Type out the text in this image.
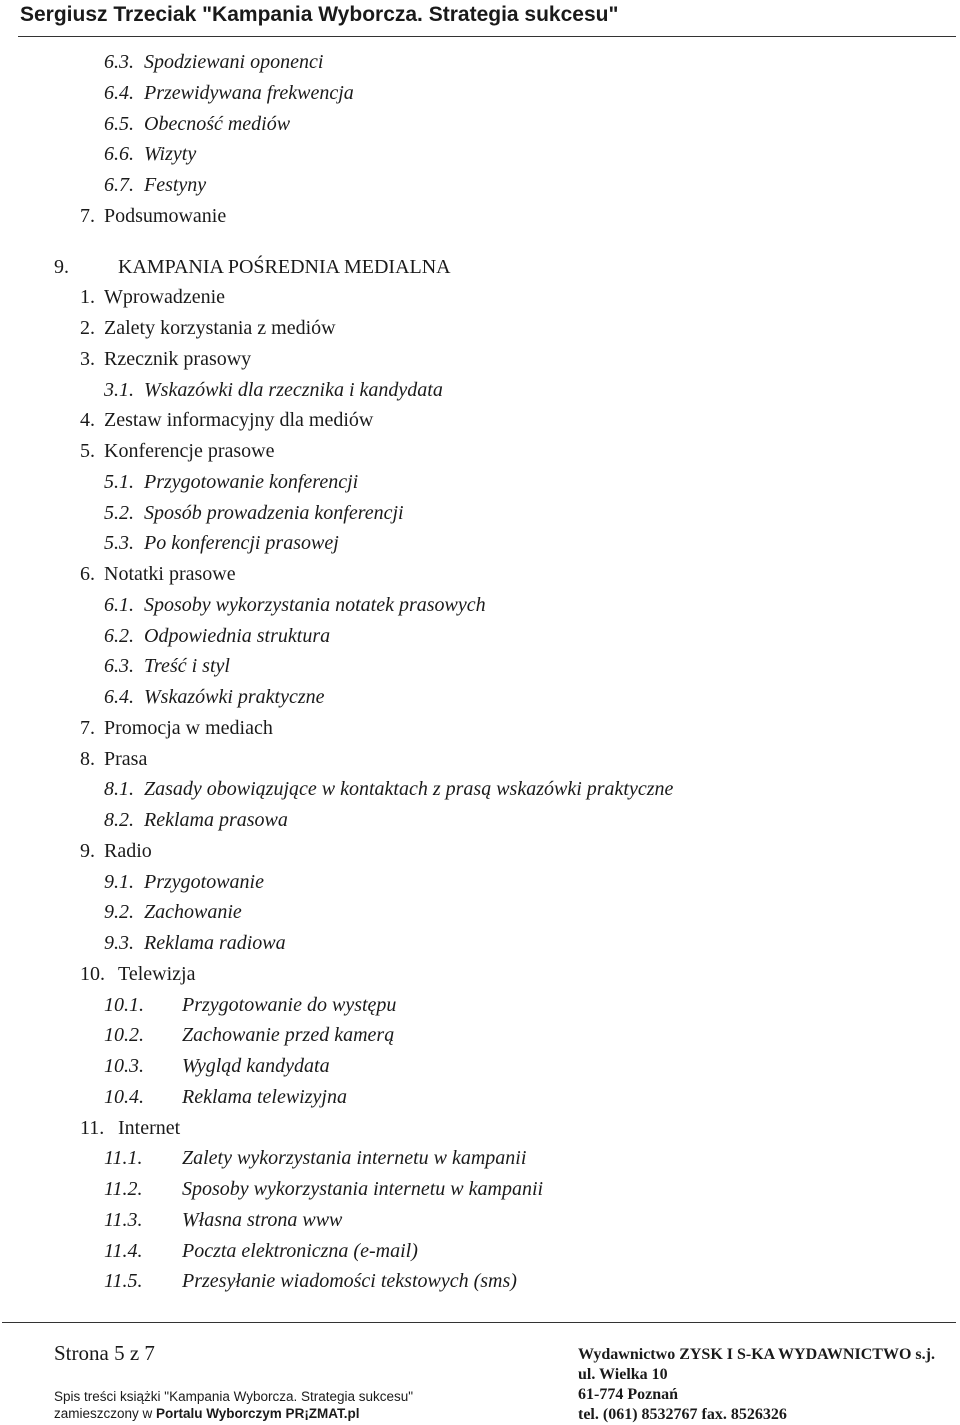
Sergiusz Trzeciak "Kampania Wyborcza. Strategia sukcesu"
6.3. Spodziewani oponenci
6.4. Przewidywana frekwencja
6.5. Obecność mediów
6.6. Wizyty
6.7. Festyny
7. Podsumowanie
9. KAMPANIA POŚREDNIA MEDIALNA
1. Wprowadzenie
2. Zalety korzystania z mediów
3. Rzecznik prasowy
3.1. Wskazówki dla rzecznika i kandydata
4. Zestaw informacyjny dla mediów
5. Konferencje prasowe
5.1. Przygotowanie konferencji
5.2. Sposób prowadzenia konferencji
5.3. Po konferencji prasowej
6. Notatki prasowe
6.1. Sposoby wykorzystania notatek prasowych
6.2. Odpowiednia struktura
6.3. Treść i styl
6.4. Wskazówki praktyczne
7. Promocja w mediach
8. Prasa
8.1. Zasady obowiązujące w kontaktach z prasą wskazówki praktyczne
8.2. Reklama prasowa
9. Radio
9.1. Przygotowanie
9.2. Zachowanie
9.3. Reklama radiowa
10. Telewizja
10.1. Przygotowanie do występu
10.2. Zachowanie przed kamerą
10.3. Wygląd kandydata
10.4. Reklama telewizyjna
11. Internet
11.1. Zalety wykorzystania internetu w kampanii
11.2. Sposoby wykorzystania internetu w kampanii
11.3. Własna strona www
11.4. Poczta elektroniczna (e-mail)
11.5. Przesyłanie wiadomości tekstowych (sms)
Strona 5 z 7
Spis treści książki "Kampania Wyborcza. Strategia sukcesu"
zamieszczony w Portalu Wyborczym PR¡ZMAT.pl
Wydawnictwo ZYSK I S-KA WYDAWNICTWO s.j.
ul. Wielka 10
61-774 Poznań
tel. (061) 8532767 fax. 8526326
